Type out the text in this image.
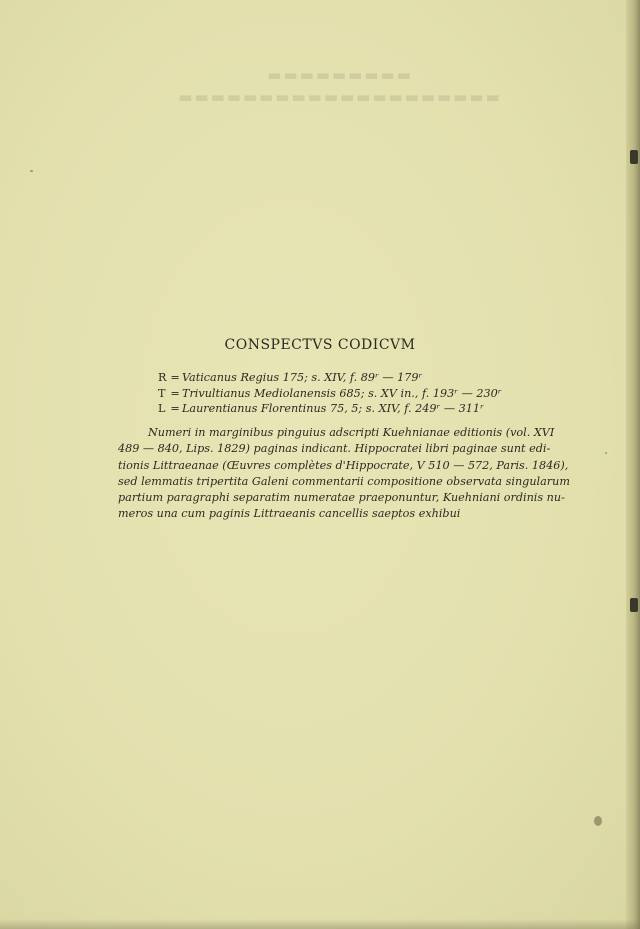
▬▬▬▬▬▬▬▬▬
▬▬▬▬▬▬▬▬▬▬▬▬▬▬▬▬▬▬▬▬
CONSPECTVS CODICVM
R = Vaticanus Regius 175; s. XIV, f. 89ʳ — 179ʳ
T = Trivultianus Mediolanensis 685; s. XV in., f. 193ʳ — 230ʳ
L = Laurentianus Florentinus 75, 5; s. XIV, f. 249ʳ — 311ʳ
Numeri in marginibus pinguius adscripti Kuehnianae editionis (vol. XVI
489 — 840, Lips. 1829) paginas indicant. Hippocratei libri paginae sunt edi-
tionis Littraeanae (Œuvres complètes d'Hippocrate, V 510 — 572, Paris. 1846),
sed lemmatis tripertita Galeni commentarii compositione observata singularum
partium paragraphi separatim numeratae praeponuntur, Kuehniani ordinis nu-
meros una cum paginis Littraeanis cancellis saeptos exhibui
